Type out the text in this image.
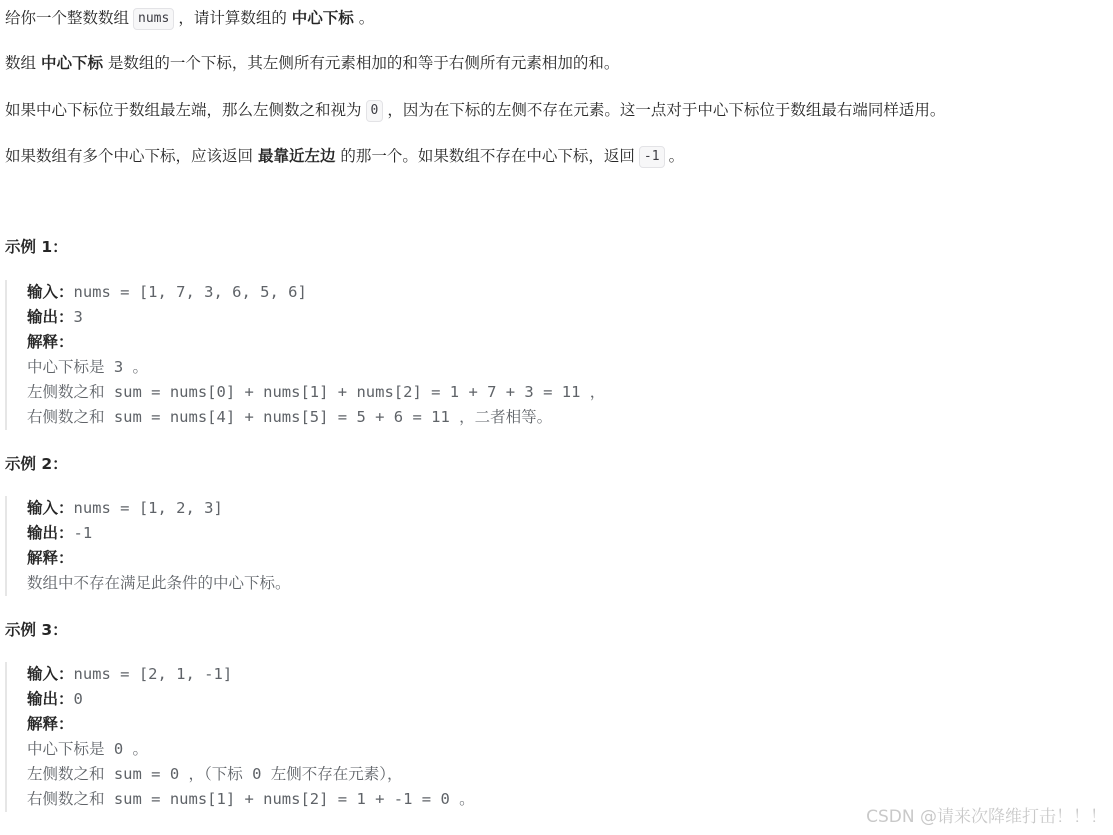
给你一个整数数组 nums ，请计算数组的 中心下标 。
数组 中心下标 是数组的一个下标，其左侧所有元素相加的和等于右侧所有元素相加的和。
如果中心下标位于数组最左端，那么左侧数之和视为 0 ，因为在下标的左侧不存在元素。这一点对于中心下标位于数组最右端同样适用。
如果数组有多个中心下标，应该返回 最靠近左边 的那一个。如果数组不存在中心下标，返回 -1 。
示例 1：
输入：nums = [1, 7, 3, 6, 5, 6]
输出：3
解释：
中心下标是 3 。
左侧数之和 sum = nums[0] + nums[1] + nums[2] = 1 + 7 + 3 = 11 ，
右侧数之和 sum = nums[4] + nums[5] = 5 + 6 = 11 ，二者相等。
示例 2：
输入：nums = [1, 2, 3]
输出：-1
解释：
数组中不存在满足此条件的中心下标。
示例 3：
输入：nums = [2, 1, -1]
输出：0
解释：
中心下标是 0 。
左侧数之和 sum = 0 ，（下标 0 左侧不存在元素），
右侧数之和 sum = nums[1] + nums[2] = 1 + -1 = 0 。
CSDN @请来次降维打击！！！
